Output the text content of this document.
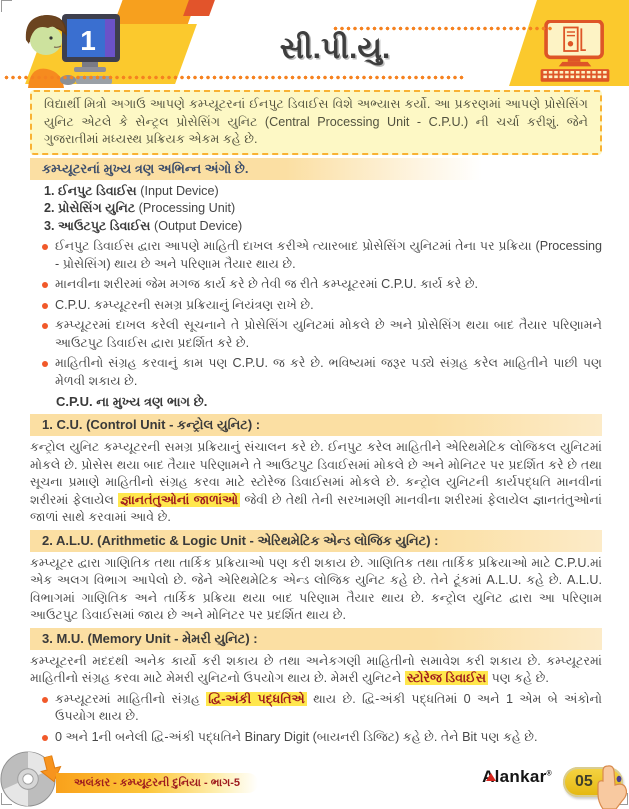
1	સી.પી.યુ.
વિદ્યાર્થી મિત્રો અગાઉ આપણે કમ્પ્યૂટરનાં ઈનપુટ ડિવાઈસ વિશે અભ્યાસ કર્યો. આ પ્રકરણમાં આપણે પ્રોસેસિંગ યુનિટ એટલે કે સેન્ટ્રલ પ્રોસેસિંગ યુનિટ (Central Processing Unit - C.P.U.) ની ચર્ચા કરીશું. જેને ગુજરાતીમાં મધ્યસ્થ પ્રક્રિયક એકમ કહે છે.
કમ્પ્યૂટરનાં મુખ્ય ત્રણ અભિન્ન અંગો છે.
1. ઈનપુટ ડિવાઈસ (Input Device)
2. પ્રોસેસિંગ યુનિટ (Processing Unit)
3. આઉટપુટ ડિવાઈસ (Output Device)
ઈનપુટ ડિવાઈસ દ્વારા આપણે માહિતી દાખલ કરીએ ત્યારબાદ પ્રોસેસિંગ યુનિટમાં તેના પર પ્રક્રિયા (Processing - પ્રોસેસિંગ) થાય છે અને પરિણામ તૈયાર થાય છે.
માનવીના શરીરમાં જેમ મગજ કાર્ય કરે છે તેવી જ રીતે કમ્પ્યૂટરમાં C.P.U. કાર્ય કરે છે.
C.P.U. કમ્પ્યૂટરની સમગ્ર પ્રક્રિયાનું નિયંત્રણ રાખે છે.
કમ્પ્યૂટરમાં દાખલ કરેલી સૂચનાને તે પ્રોસેસિંગ યુનિટમાં મોકલે છે અને પ્રોસેસિંગ થયા બાદ તૈયાર પરિણામને આઉટપુટ ડિવાઈસ દ્વારા પ્રદર્શિત કરે છે.
માહિતીનો સંગ્રહ કરવાનું કામ પણ C.P.U. જ કરે છે. ભવિષ્યમાં જરૂર પડ્યે સંગ્રહ કરેલ માહિતીને પાછી પણ મેળવી શકાય છે.
C.P.U. ના મુખ્ય ત્રણ ભાગ છે.
1. C.U. (Control Unit - કન્ટ્રોલ યુનિટ) :

કન્ટ્રોલ યુનિટ કમ્પ્યૂટરની સમગ્ર પ્રક્રિયાનું સંચાલન કરે છે. ઈનપુટ કરેલ માહિતીને એરિથમેટિક લોજિકલ યુનિટમાં મોકલે છે. પ્રોસેસ થયા બાદ તૈયાર પરિણામને તે આઉટપુટ ડિવાઈસમાં મોકલે છે અને મોનિટર પર પ્રદર્શિત કરે છે તથા સૂચના પ્રમાણે માહિતીનો સંગ્રહ કરવા માટે સ્ટોરેજ ડિવાઈસમાં મોકલે છે. કન્ટ્રોલ યુનિટની કાર્યપદ્ધતિ માનવીનાં શરીરમાં ફેલાયેલ જ્ઞાનતંતુઓનાં જાળાંઓ જેવી છે તેથી તેની સરખામણી માનવીના શરીરમાં ફેલાયેલ જ્ઞાનતંતુઓનાં જાળાં સાથે કરવામાં આવે છે.

2. A.L.U. (Arithmetic & Logic Unit - એરિથમેટિક એન્ડ લોજિક યુનિટ) :

કમ્પ્યૂટર દ્વારા ગાણિતિક તથા તાર્કિક પ્રક્રિયાઓ પણ કરી શકાય છે. ગાણિતિક તથા તાર્કિક પ્રક્રિયાઓ માટે C.P.U.માં એક અલગ વિભાગ આપેલો છે. જેને એરિથમેટિક એન્ડ લોજિક યુનિટ કહે છે. તેને ટૂંકમાં A.L.U. કહે છે. A.L.U. વિભાગમાં ગાણિતિક અને તાર્કિક પ્રક્રિયા થયા બાદ પરિણામ તૈયાર થાય છે. કન્ટ્રોલ યુનિટ દ્વારા આ પરિણામ આઉટપુટ ડિવાઈસમાં જાય છે અને મોનિટર પર પ્રદર્શિત થાય છે.

3. M.U. (Memory Unit - મેમરી યુનિટ) :

કમ્પ્યૂટરની મદદથી અનેક કાર્યો કરી શકાય છે તથા અનેકગણી માહિતીનો સમાવેશ કરી શકાય છે. કમ્પ્યૂટરમાં માહિતીનો સંગ્રહ કરવા માટે મેમરી યુનિટનો ઉપયોગ થાય છે. મેમરી યુનિટને સ્ટોરેજ ડિવાઈસ પણ કહે છે.

કમ્પ્યૂટરમાં માહિતીનો સંગ્રહ દ્વિ-અંકી પદ્ધતિએ થાય છે. દ્વિ-અંકી પદ્ધતિમાં 0 અને 1 એમ બે અંકોનો ઉપયોગ થાય છે.
0 અને 1ની બનેલી દ્વિ-અંકી પદ્ધતિને Binary Digit (બાયનરી ડિજિટ) કહે છે. તેને Bit પણ કહે છે.
અલંકાર - કમ્પ્યૂટરની દુનિયા - ભાગ-5	Alankar®	05
